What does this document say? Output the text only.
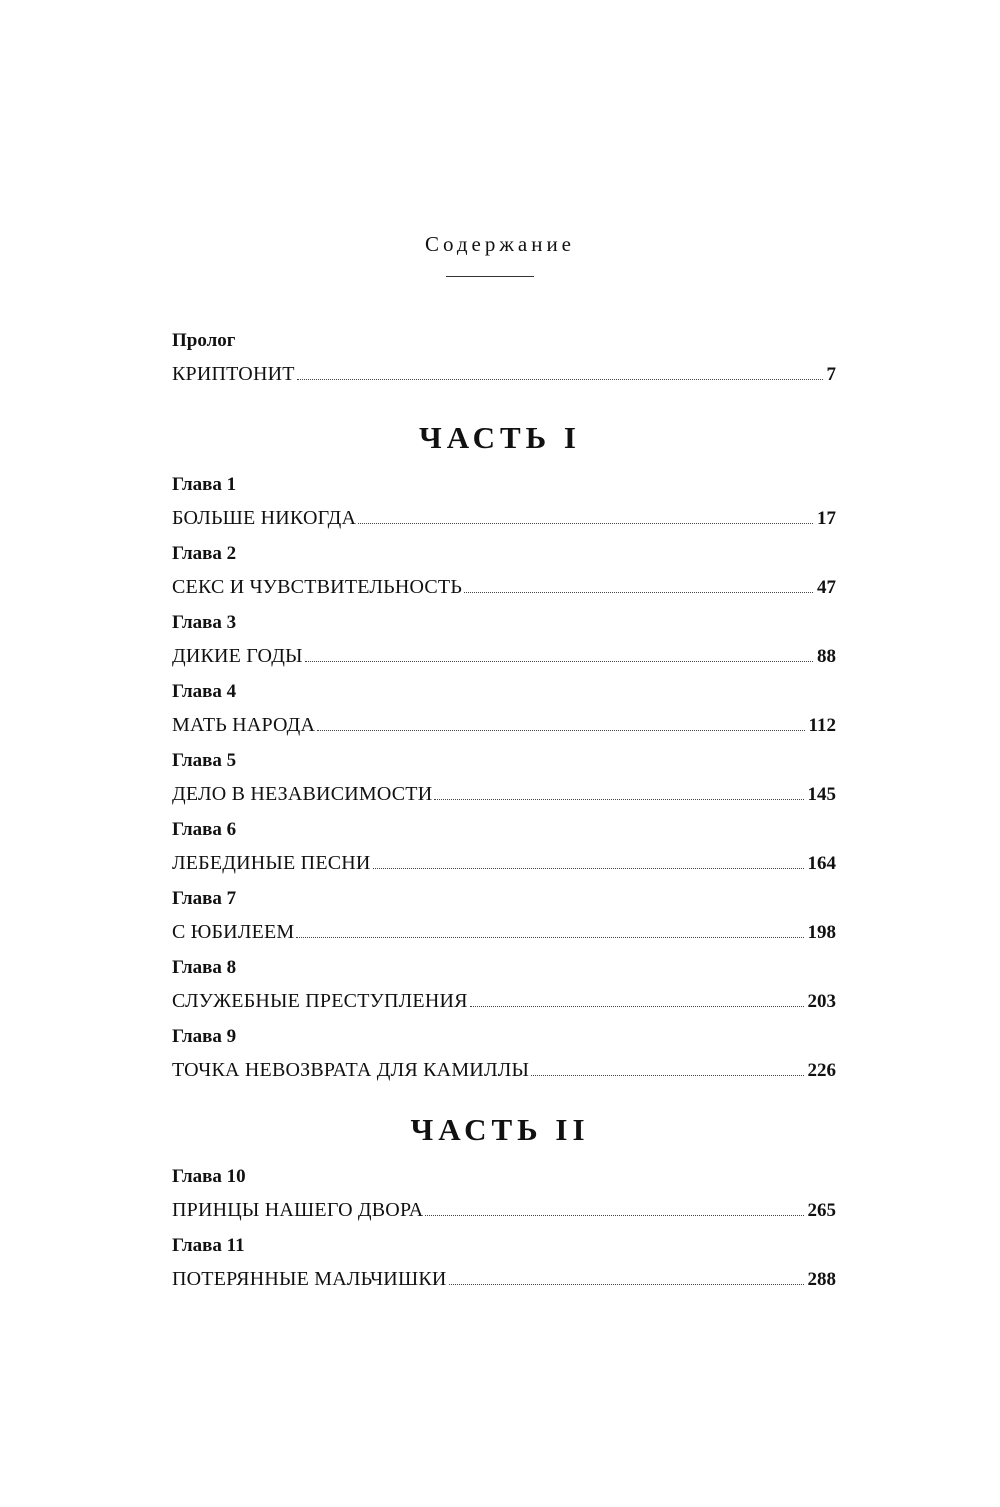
Содержание
Пролог
КРИПТОНИТ	7
ЧАСТЬ I
Глава 1
БОЛЬШЕ НИКОГДА	17
Глава 2
СЕКС И ЧУВСТВИТЕЛЬНОСТЬ	47
Глава 3
ДИКИЕ ГОДЫ	88
Глава 4
МАТЬ НАРОДА	112
Глава 5
ДЕЛО В НЕЗАВИСИМОСТИ	145
Глава 6
ЛЕБЕДИНЫЕ ПЕСНИ	164
Глава 7
С ЮБИЛЕЕМ	198
Глава 8
СЛУЖЕБНЫЕ ПРЕСТУПЛЕНИЯ	203
Глава 9
ТОЧКА НЕВОЗВРАТА ДЛЯ КАМИЛЛЫ	226
ЧАСТЬ II
Глава 10
ПРИНЦЫ НАШЕГО ДВОРА	265
Глава 11
ПОТЕРЯННЫЕ МАЛЬЧИШКИ	288
